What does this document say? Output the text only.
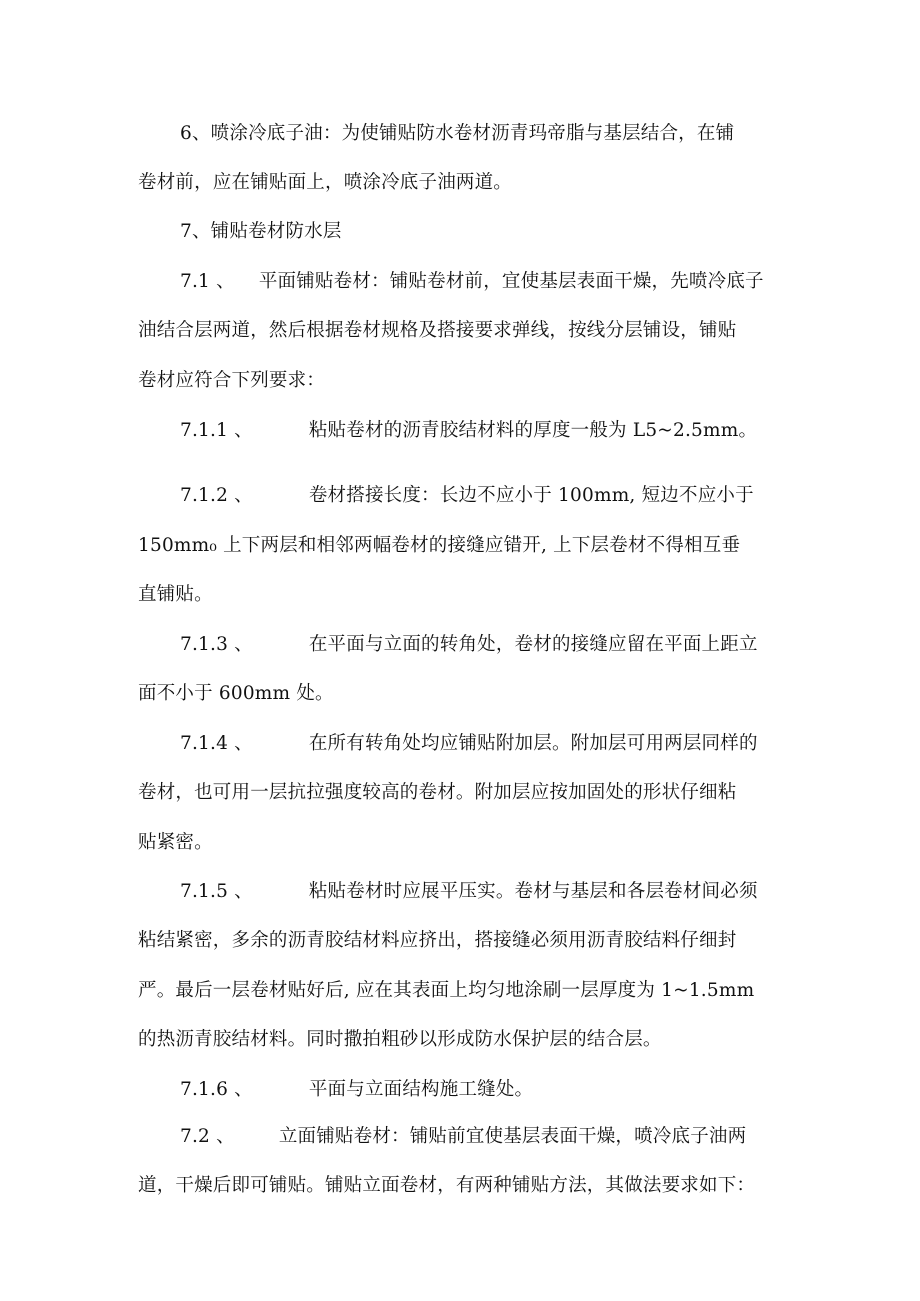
6、喷涂冷底子油：为使铺贴防水卷材沥青玛帝脂与基层结合，在铺
卷材前，应在铺贴面上，喷涂冷底子油两道。
7、铺贴卷材防水层
7.1 、 平面铺贴卷材：铺贴卷材前，宜使基层表面干燥，先喷冷底子
油结合层两道，然后根据卷材规格及搭接要求弹线，按线分层铺设，铺贴
卷材应符合下列要求：
7.1.1 、	粘贴卷材的沥青胶结材料的厚度一般为 L5~2.5mm。
7.1.2 、	卷材搭接长度：长边不应小于 100mm, 短边不应小于
150mm₀ 上下两层和相邻两幅卷材的接缝应错开, 上下层卷材不得相互垂
直铺贴。
7.1.3 、	在平面与立面的转角处，卷材的接缝应留在平面上距立
面不小于 600mm 处。
7.1.4 、	在所有转角处均应铺贴附加层。附加层可用两层同样的
卷材，也可用一层抗拉强度较高的卷材。附加层应按加固处的形状仔细粘
贴紧密。
7.1.5 、	粘贴卷材时应展平压实。卷材与基层和各层卷材间必须
粘结紧密，多余的沥青胶结材料应挤出，搭接缝必须用沥青胶结料仔细封
严。最后一层卷材贴好后, 应在其表面上均匀地涂刷一层厚度为 1~1.5mm
的热沥青胶结材料。同时撒拍粗砂以形成防水保护层的结合层。
7.1.6 、	平面与立面结构施工缝处。
7.2 、 立面铺贴卷材：铺贴前宜使基层表面干燥，喷冷底子油两
道，干燥后即可铺贴。铺贴立面卷材，有两种铺贴方法，其做法要求如下：
